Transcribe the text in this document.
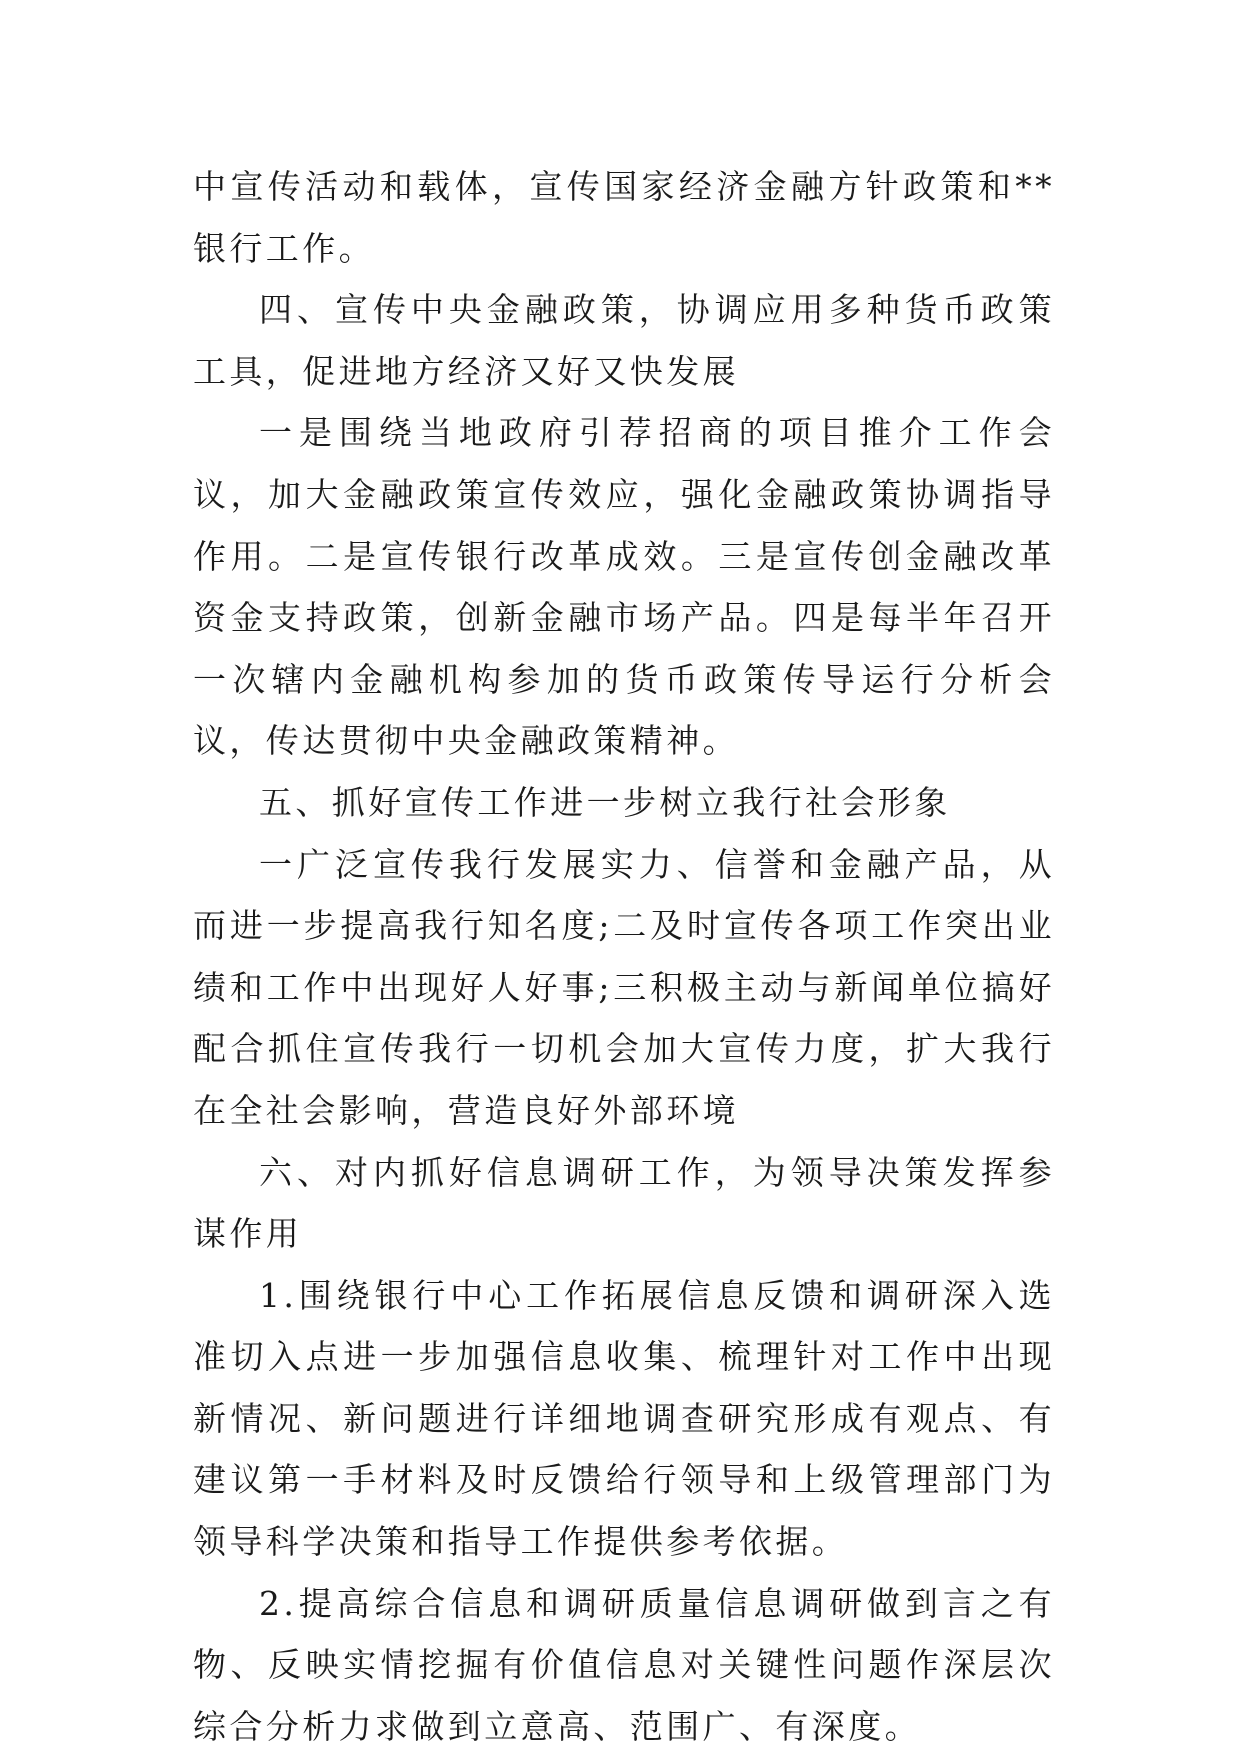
中宣传活动和载体，宣传国家经济金融方针政策和**银行工作。

四、宣传中央金融政策，协调应用多种货币政策工具，促进地方经济又好又快发展

一是围绕当地政府引荐招商的项目推介工作会议，加大金融政策宣传效应，强化金融政策协调指导作用。二是宣传银行改革成效。三是宣传创金融改革资金支持政策，创新金融市场产品。四是每半年召开一次辖内金融机构参加的货币政策传导运行分析会议，传达贯彻中央金融政策精神。

五、抓好宣传工作进一步树立我行社会形象

一广泛宣传我行发展实力、信誉和金融产品，从而进一步提高我行知名度;二及时宣传各项工作突出业绩和工作中出现好人好事;三积极主动与新闻单位搞好配合抓住宣传我行一切机会加大宣传力度，扩大我行在全社会影响，营造良好外部环境

六、对内抓好信息调研工作，为领导决策发挥参谋作用

1.围绕银行中心工作拓展信息反馈和调研深入选准切入点进一步加强信息收集、梳理针对工作中出现新情况、新问题进行详细地调查研究形成有观点、有建议第一手材料及时反馈给行领导和上级管理部门为领导科学决策和指导工作提供参考依据。

2.提高综合信息和调研质量信息调研做到言之有物、反映实情挖掘有价值信息对关键性问题作深层次综合分析力求做到立意高、范围广、有深度。
